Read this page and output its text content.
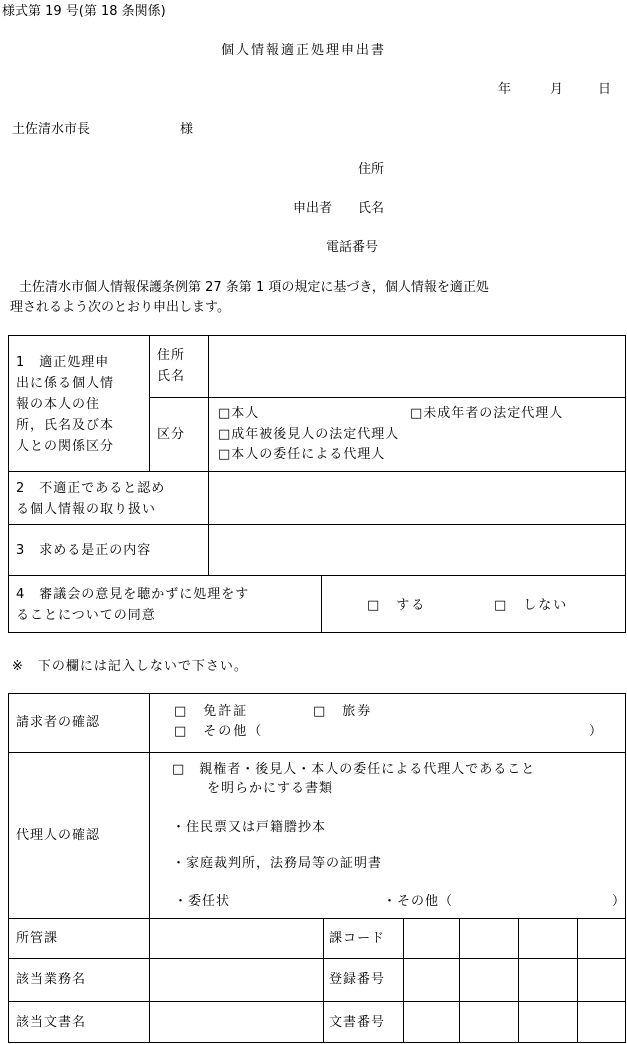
様式第 19 号(第 18 条関係)
個人情報適正処理申出書
年	月	日
土佐清水市長	様
住所
申出者 氏名
電話番号
土佐清水市個人情報保護条例第 27 条第 1 項の規定に基づき，個人情報を適正処
理されるよう次のとおり申出します。
1　適正処理申
出に係る個人情
報の本人の住
所，氏名及び本
人との関係区分
住所
氏名
区分
□本人	□未成年者の法定代理人
□成年被後見人の法定代理人
□本人の委任による代理人
2　不適正であると認め
る個人情報の取り扱い
3　求める是正の内容
4　審議会の意見を聴かずに処理をす
ることについての同意
□　する	□　しない
※　下の欄には記入しないで下さい。
請求者の確認
□　免許証	□　旅券
□　その他（	）
代理人の確認
□　親権者・後見人・本人の委任による代理人であること
を明らかにする書類
・住民票又は戸籍謄抄本
・家庭裁判所，法務局等の証明書
・委任状	・その他（	）
所管課	課コード
該当業務名	登録番号
該当文書名	文書番号
